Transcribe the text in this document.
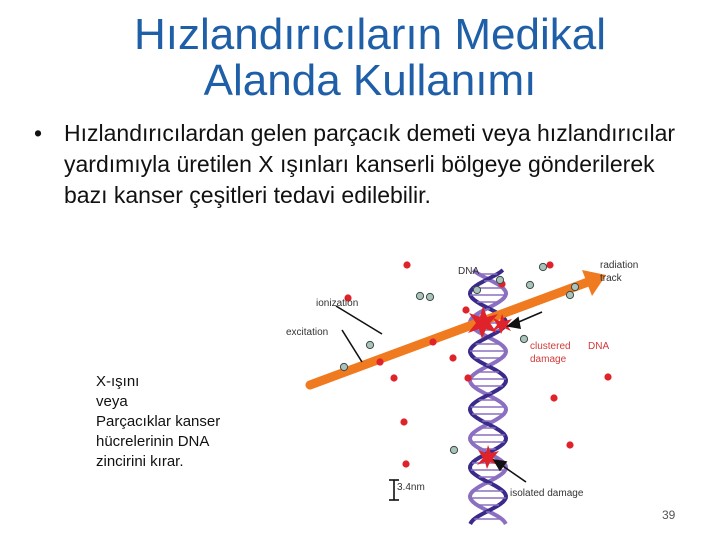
Hızlandırıcıların Medikal
Alanda Kullanımı
• Hızlandırıcılardan gelen parçacık demeti veya hızlandırıcılar yardımıyla üretilen X ışınları kanserli bölgeye gönderilerek bazı kanser çeşitleri tedavi edilebilir.
DNA
radiation
track
ionization
excitation
clustered DNA
damage
isolated damage
3.4nm
X-ışını
veya
Parçacıklar kanser
hücrelerinin DNA
zincirini kırar.
39
